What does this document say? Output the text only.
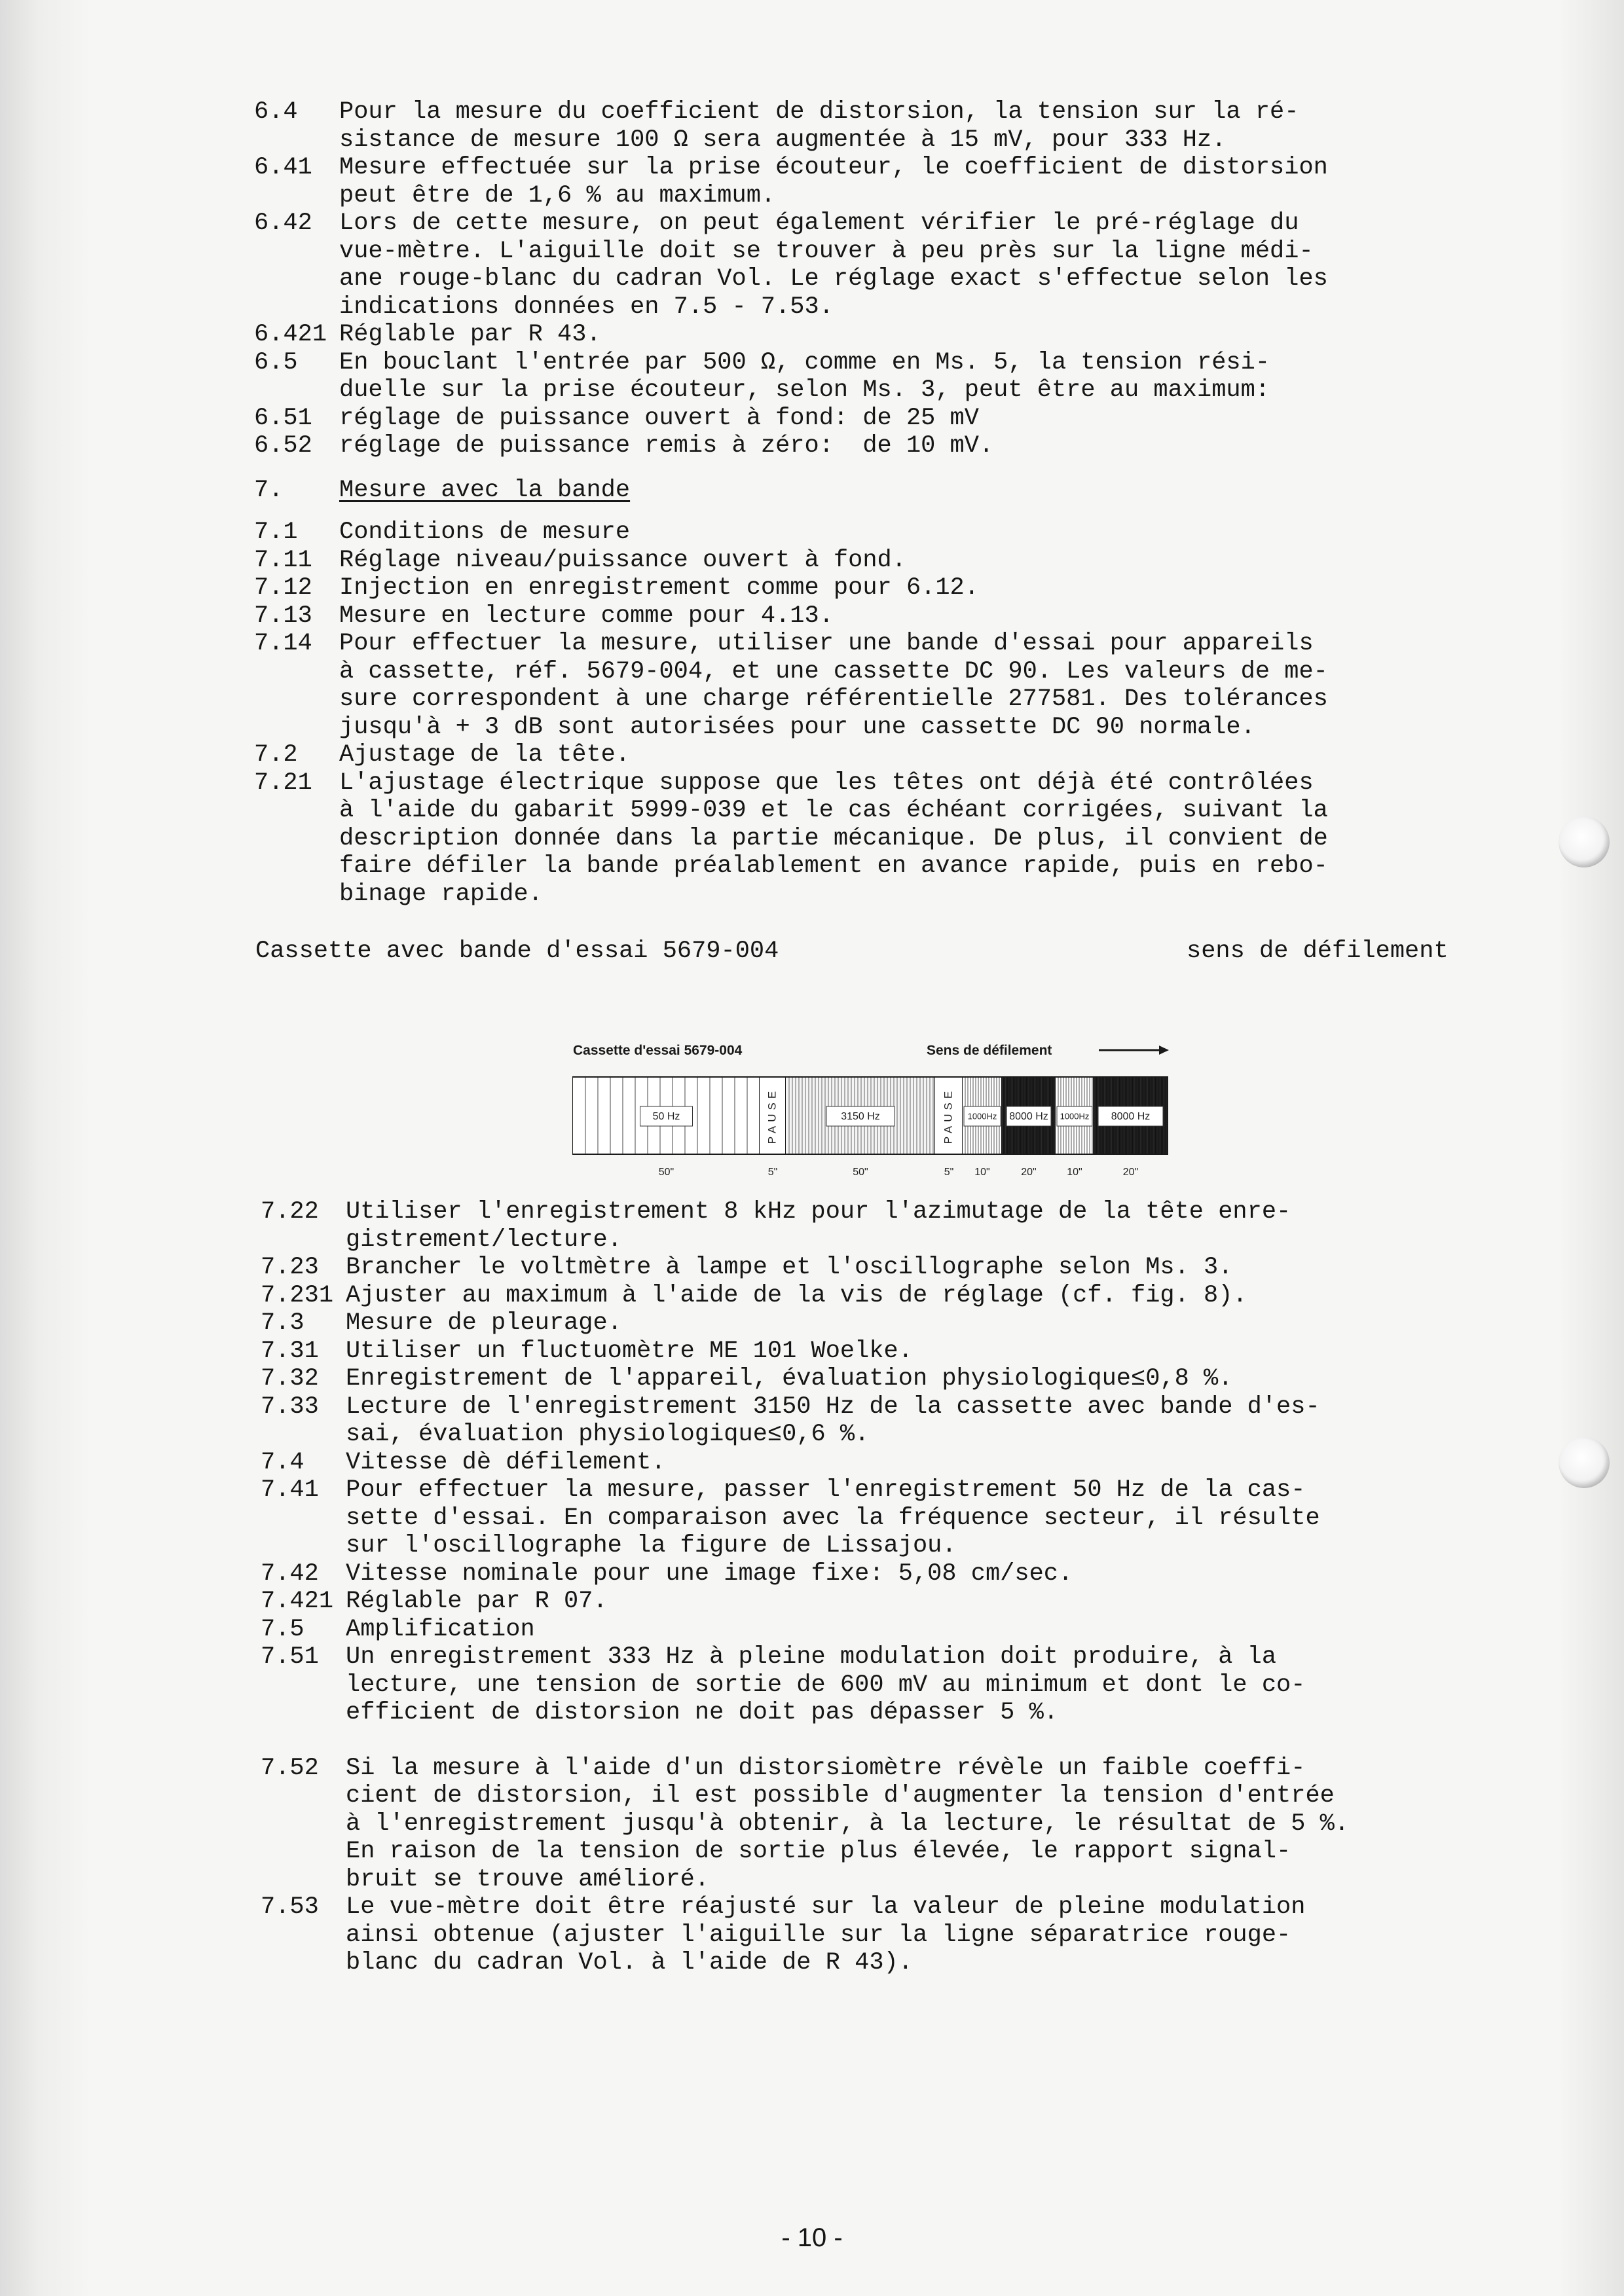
6.4 Pour la mesure du coefficient de distorsion, la tension sur la ré-
sistance de mesure 100 Ω sera augmentée à 15 mV, pour 333 Hz.
6.41 Mesure effectuée sur la prise écouteur, le coefficient de distorsion
peut être de 1,6 % au maximum.
6.42 Lors de cette mesure, on peut également vérifier le pré-réglage du
vue-mètre. L'aiguille doit se trouver à peu près sur la ligne médi-
ane rouge-blanc du cadran Vol. Le réglage exact s'effectue selon les
indications données en 7.5 - 7.53.
6.421 Réglable par R 43.
6.5 En bouclant l'entrée par 500 Ω, comme en Ms. 5, la tension rési-
duelle sur la prise écouteur, selon Ms. 3, peut être au maximum:
6.51 réglage de puissance ouvert à fond: de 25 mV
6.52 réglage de puissance remis à zéro:  de 10 mV.
7. Mesure avec la bande
7.1 Conditions de mesure
7.11 Réglage niveau/puissance ouvert à fond.
7.12 Injection en enregistrement comme pour 6.12.
7.13 Mesure en lecture comme pour 4.13.
7.14 Pour effectuer la mesure, utiliser une bande d'essai pour appareils
à cassette, réf. 5679-004, et une cassette DC 90. Les valeurs de me-
sure correspondent à une charge référentielle 277581. Des tolérances
jusqu'à + 3 dB sont autorisées pour une cassette DC 90 normale.
7.2 Ajustage de la tête.
7.21 L'ajustage électrique suppose que les têtes ont déjà été contrôlées
à l'aide du gabarit 5999-039 et le cas échéant corrigées, suivant la
description donnée dans la partie mécanique. De plus, il convient de
faire défiler la bande préalablement en avance rapide, puis en rebo-
binage rapide.
7.22 Utiliser l'enregistrement 8 kHz pour l'azimutage de la tête enre-
gistrement/lecture.
7.23 Brancher le voltmètre à lampe et l'oscillographe selon Ms. 3.
7.231 Ajuster au maximum à l'aide de la vis de réglage (cf. fig. 8).
7.3 Mesure de pleurage.
7.31 Utiliser un fluctuomètre ME 101 Woelke.
7.32 Enregistrement de l'appareil, évaluation physiologique≤0,8 %.
7.33 Lecture de l'enregistrement 3150 Hz de la cassette avec bande d'es-
sai, évaluation physiologique≤0,6 %.
7.4 Vitesse dè défilement.
7.41 Pour effectuer la mesure, passer l'enregistrement 50 Hz de la cas-
sette d'essai. En comparaison avec la fréquence secteur, il résulte
sur l'oscillographe la figure de Lissajou.
7.42 Vitesse nominale pour une image fixe: 5,08 cm/sec.
7.421 Réglable par R 07.
7.5 Amplification
7.51 Un enregistrement 333 Hz à pleine modulation doit produire, à la
lecture, une tension de sortie de 600 mV au minimum et dont le co-
efficient de distorsion ne doit pas dépasser 5 %.
7.52 Si la mesure à l'aide d'un distorsiomètre révèle un faible coeffi-
cient de distorsion, il est possible d'augmenter la tension d'entrée
à l'enregistrement jusqu'à obtenir, à la lecture, le résultat de 5 %.
En raison de la tension de sortie plus élevée, le rapport signal-
bruit se trouve amélioré.
7.53 Le vue-mètre doit être réajusté sur la valeur de pleine modulation
ainsi obtenue (ajuster l'aiguille sur la ligne séparatrice rouge-
blanc du cadran Vol. à l'aide de R 43).
Cassette avec bande d'essai 5679-004	sens de défilement
Cassette d'essai 5679-004	Sens de défilement
50 Hz	PAUSE	3150 Hz	PAUSE 1000Hz 8000 Hz 1000Hz 8000 Hz
50"	5"	50"	5" 10"	20"	10"	20"
- 10 -
